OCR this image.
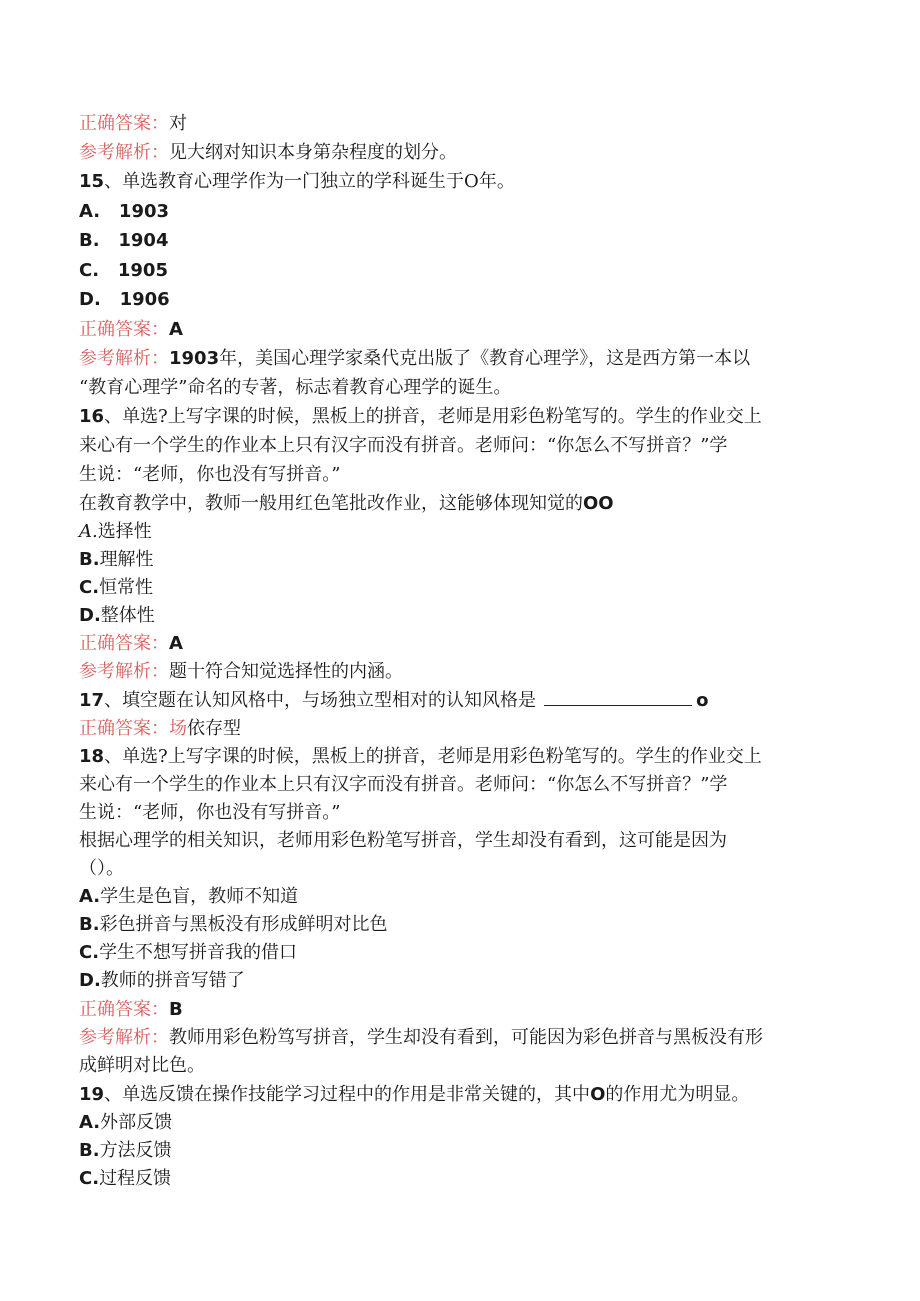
正确答案：对
参考解析：见大纲对知识本身第杂程度的划分。
15、单选教育心理学作为一门独立的学科诞生于O年。
A. 1903
B. 1904
C. 1905
D. 1906
正确答案：A
参考解析：1903年，美国心理学家桑代克出版了《教育心理学》，这是西方第一本以
“教育心理学”命名的专著，标志着教育心理学的诞生。
16、单选?上写字课的时候，黑板上的拼音，老师是用彩色粉笔写的。学生的作业交上
来心有一个学生的作业本上只有汉字而没有拼音。老师问：“你怎么不写拼音？”学
生说：“老师，你也没有写拼音。”
在教育教学中，教师一般用红色笔批改作业，这能够体现知觉的OO
A.选择性
B.理解性
C.恒常性
D.整体性
正确答案：A
参考解析：题十符合知觉选择性的内涵。
17、填空题在认知风格中，与场独立型相对的认知风格是	o
正确答案：场依存型
18、单选?上写字课的时候，黑板上的拼音，老师是用彩色粉笔写的。学生的作业交上
来心有一个学生的作业本上只有汉字而没有拼音。老师问：“你怎么不写拼音？”学
生说：“老师，你也没有写拼音。”
根据心理学的相关知识，老师用彩色粉笔写拼音，学生却没有看到，这可能是因为
（）。
A.学生是色盲，教师不知道
B.彩色拼音与黑板没有形成鲜明对比色
C.学生不想写拼音我的借口
D.教师的拼音写错了
正确答案：B
参考解析：教师用彩色粉笃写拼音，学生却没有看到，可能因为彩色拼音与黑板没有形
成鲜明对比色。
19、单选反馈在操作技能学习过程中的作用是非常关键的，其中O的作用尤为明显。
A.外部反馈
B.方法反馈
C.过程反馈
